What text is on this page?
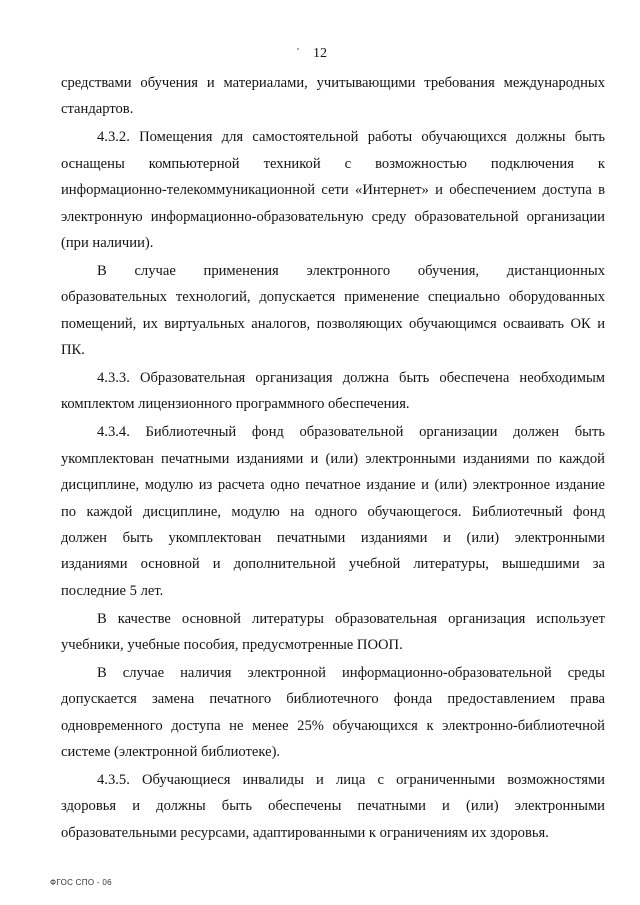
12
средствами обучения и материалами, учитывающими требования международных
стандартов.
4.3.2. Помещения для самостоятельной работы обучающихся должны быть
оснащены компьютерной техникой с возможностью подключения к
информационно-телекоммуникационной сети «Интернет» и обеспечением доступа в
электронную информационно-образовательную среду образовательной организации
(при наличии).
В случае применения электронного обучения, дистанционных
образовательных технологий, допускается применение специально оборудованных
помещений, их виртуальных аналогов, позволяющих обучающимся осваивать ОК и
ПК.
4.3.3. Образовательная организация должна быть обеспечена необходимым
комплектом лицензионного программного обеспечения.
4.3.4. Библиотечный фонд образовательной организации должен быть
укомплектован печатными изданиями и (или) электронными изданиями по каждой
дисциплине, модулю из расчета одно печатное издание и (или) электронное издание
по каждой дисциплине, модулю на одного обучающегося. Библиотечный фонд
должен быть укомплектован печатными изданиями и (или) электронными
изданиями основной и дополнительной учебной литературы, вышедшими за
последние 5 лет.
В качестве основной литературы образовательная организация использует
учебники, учебные пособия, предусмотренные ПООП.
В случае наличия электронной информационно-образовательной среды
допускается замена печатного библиотечного фонда предоставлением права
одновременного доступа не менее 25% обучающихся к электронно-библиотечной
системе (электронной библиотеке).
4.3.5. Обучающиеся инвалиды и лица с ограниченными возможностями
здоровья и должны быть обеспечены печатными и (или) электронными
образовательными ресурсами, адаптированными к ограничениям их здоровья.
ФГОС СПО - 06
